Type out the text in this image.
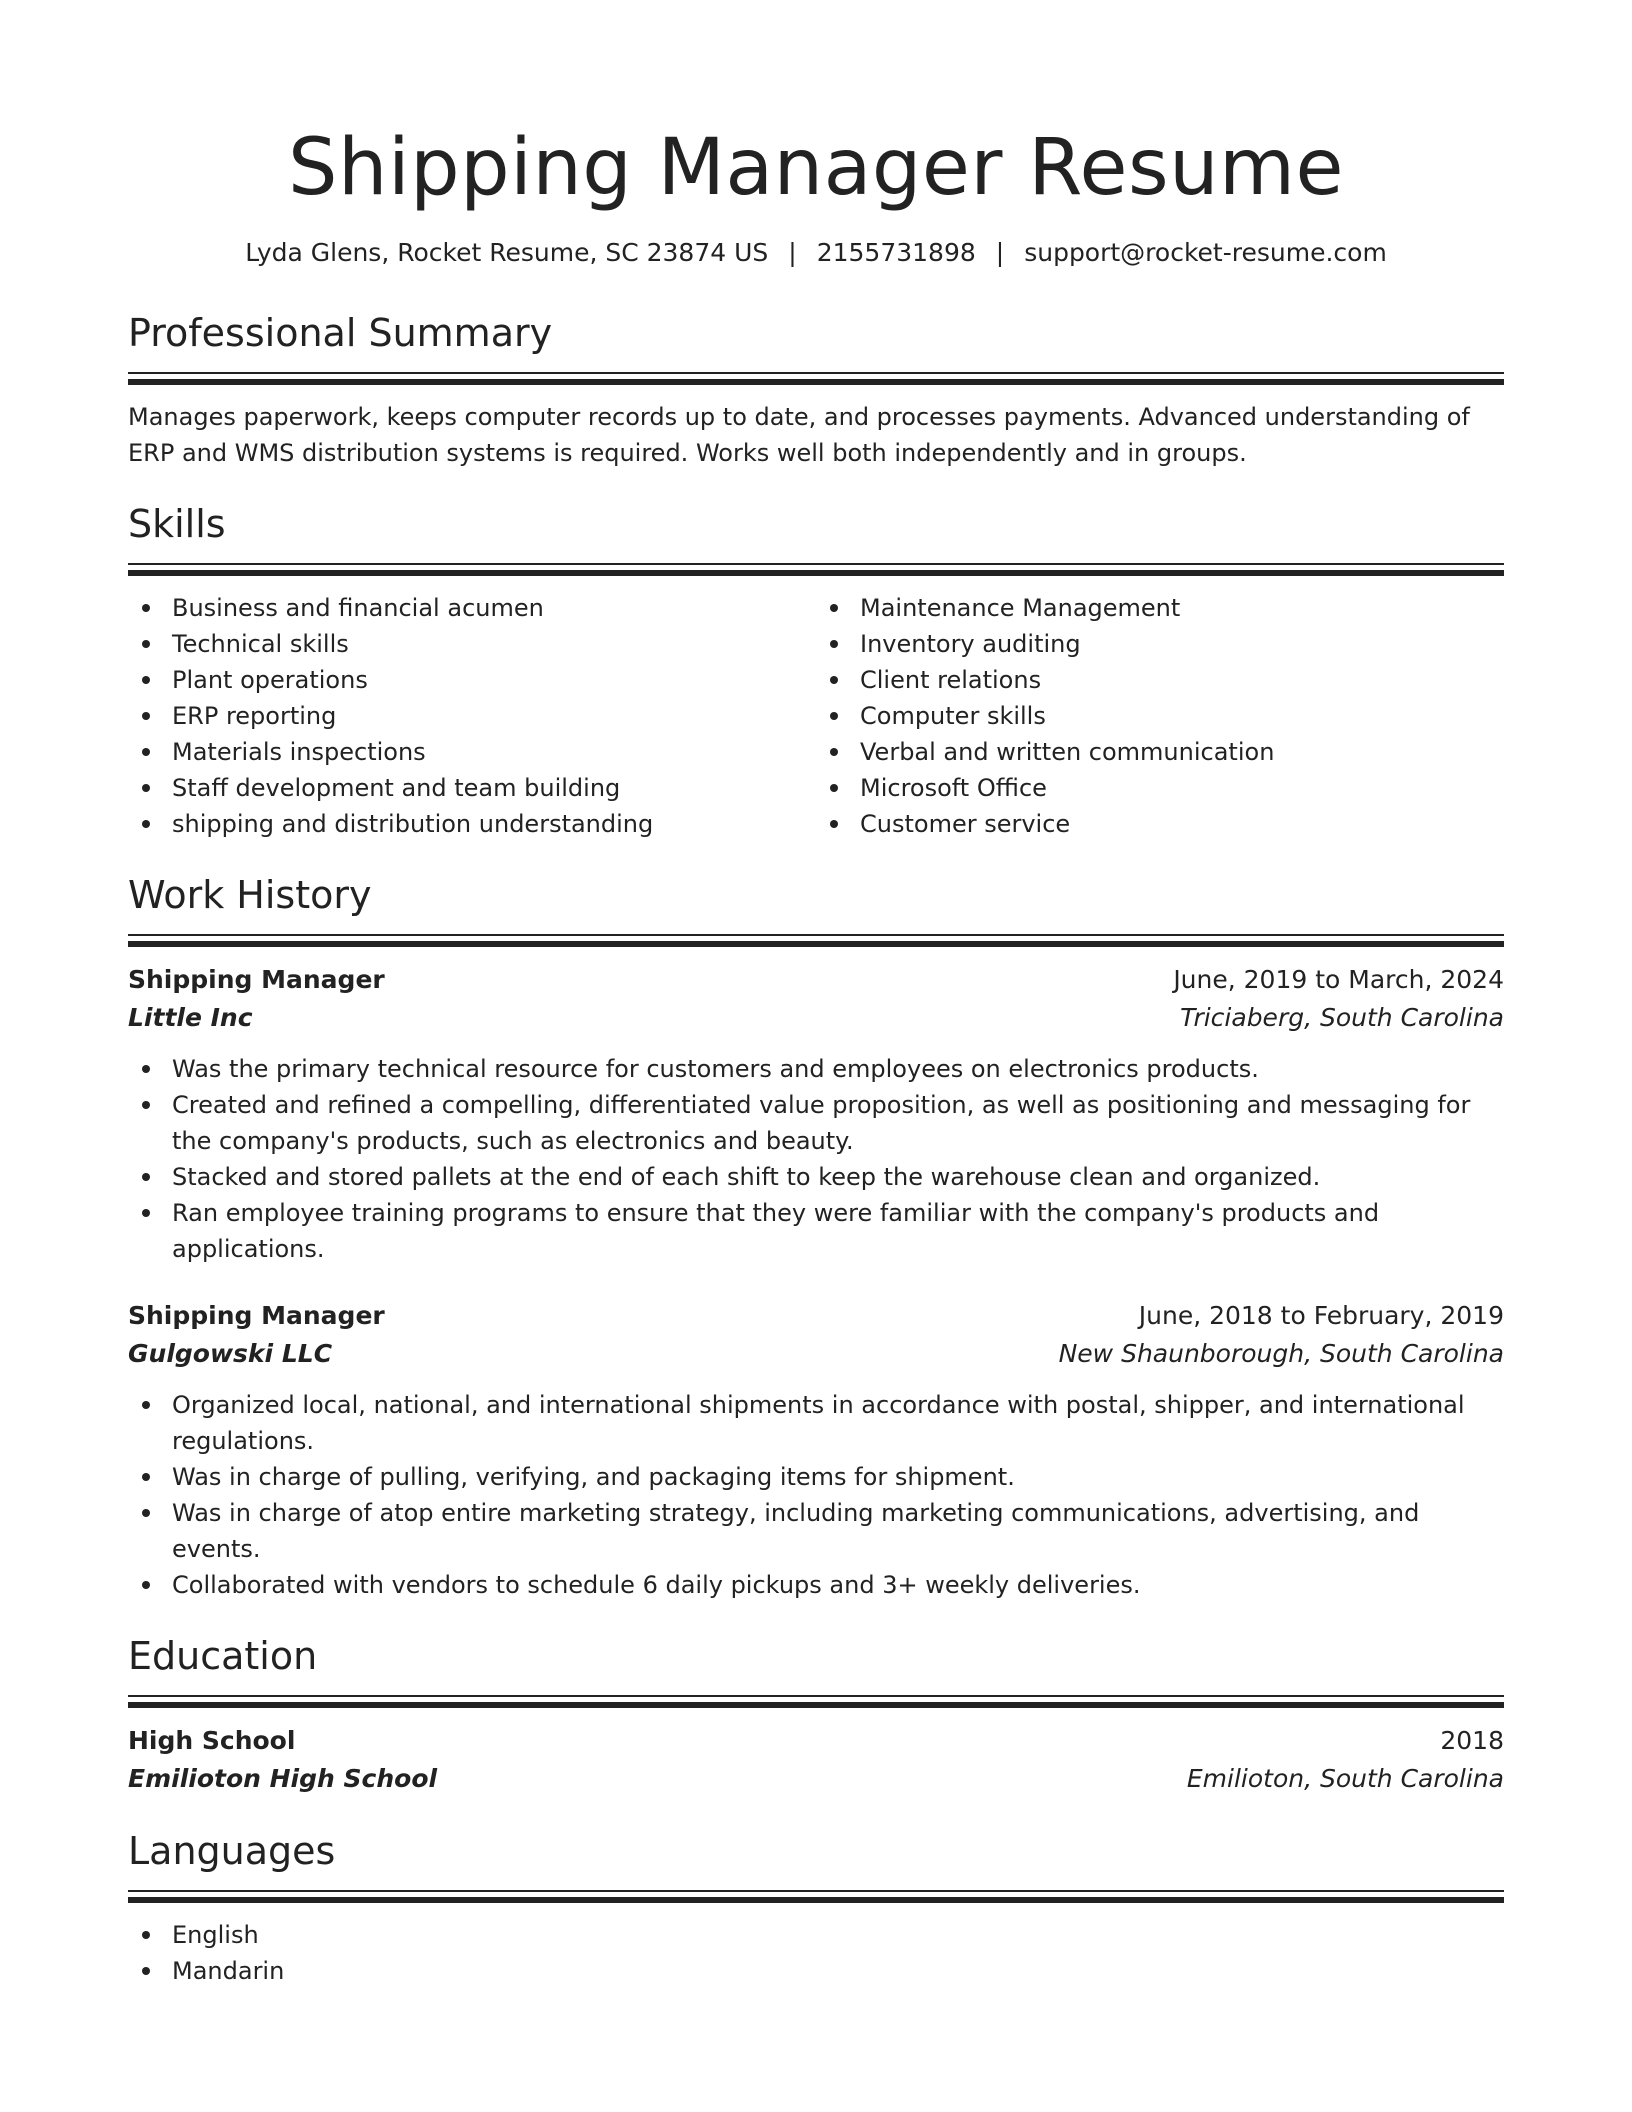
Shipping Manager Resume
Lyda Glens, Rocket Resume, SC 23874 US | 2155731898 | support@rocket-resume.com
Professional Summary
Manages paperwork, keeps computer records up to date, and processes payments. Advanced understanding of ERP and WMS distribution systems is required. Works well both independently and in groups.
Skills
Business and financial acumen
Technical skills
Plant operations
ERP reporting
Materials inspections
Staff development and team building
shipping and distribution understanding
Maintenance Management
Inventory auditing
Client relations
Computer skills
Verbal and written communication
Microsoft Office
Customer service
Work History
Shipping Manager	June, 2019 to March, 2024
Little Inc	Triciaberg, South Carolina
Was the primary technical resource for customers and employees on electronics products.
Created and refined a compelling, differentiated value proposition, as well as positioning and messaging for the company's products, such as electronics and beauty.
Stacked and stored pallets at the end of each shift to keep the warehouse clean and organized.
Ran employee training programs to ensure that they were familiar with the company's products and applications.
Shipping Manager	June, 2018 to February, 2019
Gulgowski LLC	New Shaunborough, South Carolina
Organized local, national, and international shipments in accordance with postal, shipper, and international regulations.
Was in charge of pulling, verifying, and packaging items for shipment.
Was in charge of atop entire marketing strategy, including marketing communications, advertising, and events.
Collaborated with vendors to schedule 6 daily pickups and 3+ weekly deliveries.
Education
High School	2018
Emilioton High School	Emilioton, South Carolina
Languages
English
Mandarin
